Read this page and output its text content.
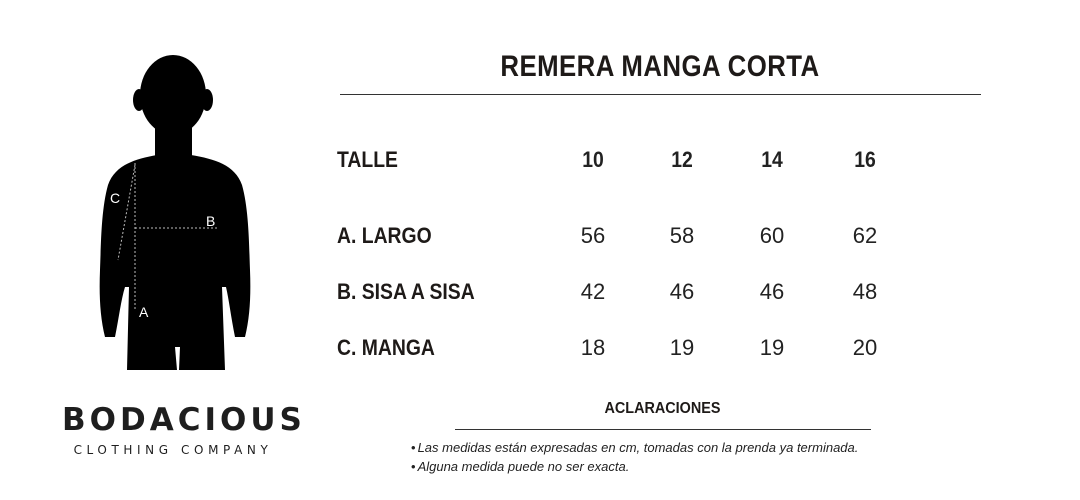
A
B
C
BODACIOUS
CLOTHING COMPANY
REMERA MANGA CORTA
TALLE	10	12	14	16
A. LARGO	56	58	60	62
B. SISA A SISA	42	46	46	48
C. MANGA	18	19	19	20
ACLARACIONES
• Las medidas están expresadas en cm, tomadas con la prenda ya terminada.
• Alguna medida puede no ser exacta.
